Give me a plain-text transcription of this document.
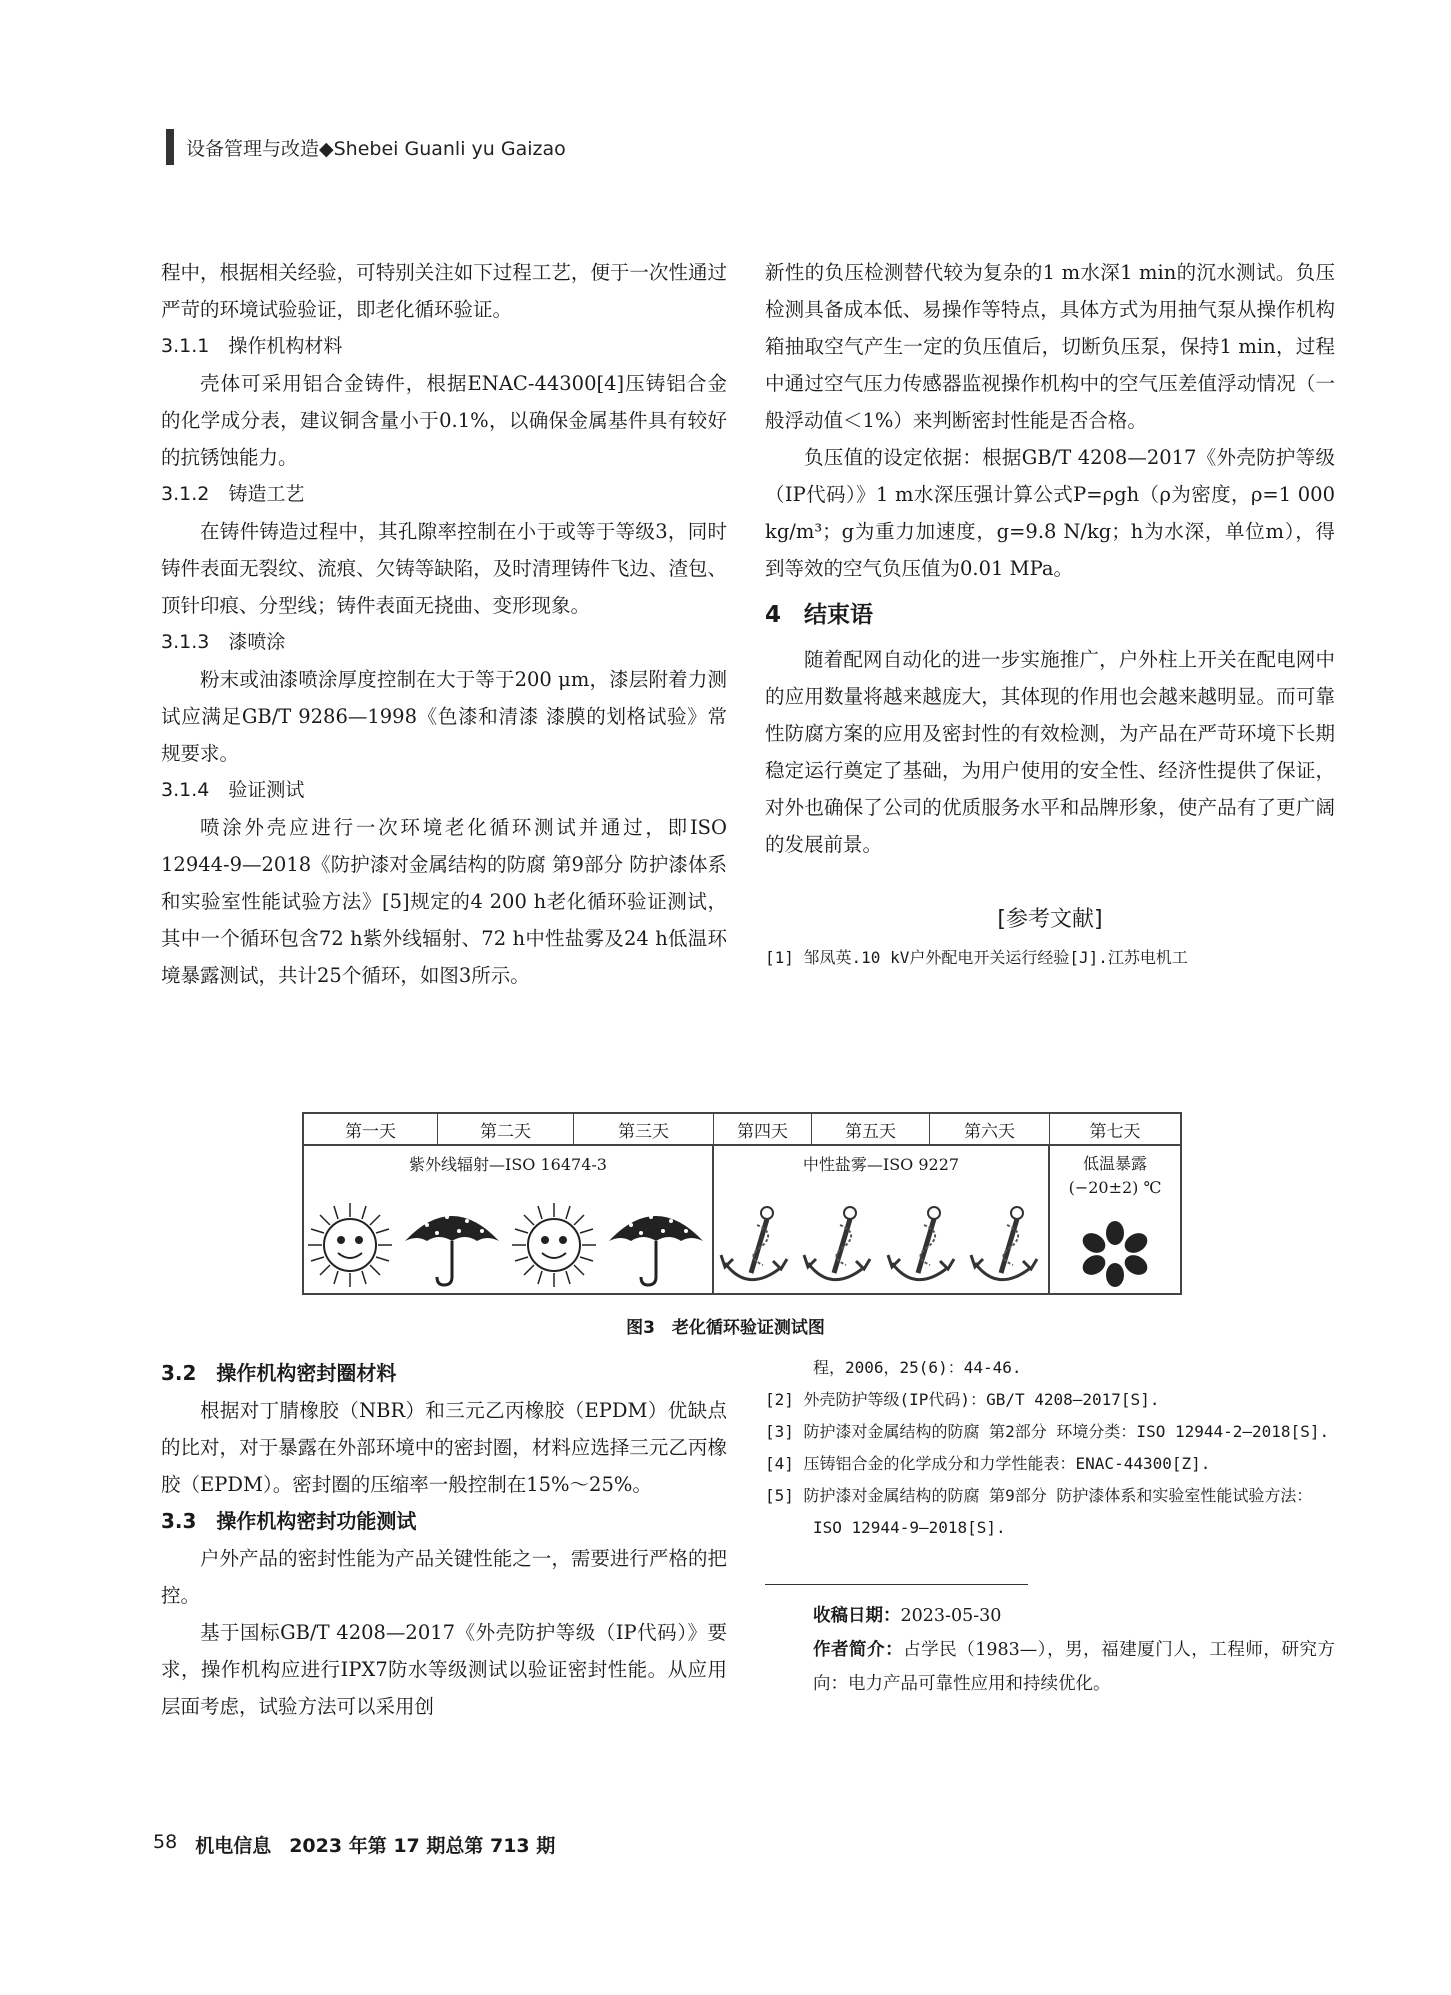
设备管理与改造◆Shebei Guanli yu Gaizao

程中，根据相关经验，可特别关注如下过程工艺，便于一次性通过严苛的环境试验验证，即老化循环验证。

3.1.1　操作机构材料

壳体可采用铝合金铸件，根据ENAC-44300[4]压铸铝合金的化学成分表，建议铜含量小于0.1%，以确保金属基件具有较好的抗锈蚀能力。

3.1.2　铸造工艺

在铸件铸造过程中，其孔隙率控制在小于或等于等级3，同时铸件表面无裂纹、流痕、欠铸等缺陷，及时清理铸件飞边、渣包、顶针印痕、分型线；铸件表面无挠曲、变形现象。

3.1.3　漆喷涂

粉末或油漆喷涂厚度控制在大于等于200 μm，漆层附着力测试应满足GB/T 9286—1998《色漆和清漆 漆膜的划格试验》常规要求。

3.1.4　验证测试

喷涂外壳应进行一次环境老化循环测试并通过，即ISO 12944-9—2018《防护漆对金属结构的防腐 第9部分 防护漆体系和实验室性能试验方法》[5]规定的4 200 h老化循环验证测试，其中一个循环包含72 h紫外线辐射、72 h中性盐雾及24 h低温环境暴露测试，共计25个循环，如图3所示。

新性的负压检测替代较为复杂的1 m水深1 min的沉水测试。负压检测具备成本低、易操作等特点，具体方式为用抽气泵从操作机构箱抽取空气产生一定的负压值后，切断负压泵，保持1 min，过程中通过空气压力传感器监视操作机构中的空气压差值浮动情况（一般浮动值＜1%）来判断密封性能是否合格。

负压值的设定依据：根据GB/T 4208—2017《外壳防护等级（IP代码）》1 m水深压强计算公式P=ρgh（ρ为密度，ρ=1 000 kg/m³；g为重力加速度，g=9.8 N/kg；h为水深，单位m），得到等效的空气负压值为0.01 MPa。

4　结束语

随着配网自动化的进一步实施推广，户外柱上开关在配电网中的应用数量将越来越庞大，其体现的作用也会越来越明显。而可靠性防腐方案的应用及密封性的有效检测，为产品在严苛环境下长期稳定运行奠定了基础，为用户使用的安全性、经济性提供了保证，对外也确保了公司的优质服务水平和品牌形象，使产品有了更广阔的发展前景。

[参考文献]
[1] 邹凤英.10 kV户外配电开关运行经验[J].江苏电机工
第一天	第二天	第三天	第四天	第五天	第六天	第七天
紫外线辐射—ISO 16474-3	中性盐雾—ISO 9227	低温暴露
(−20±2) ℃
图3　老化循环验证测试图
3.2　操作机构密封圈材料

根据对丁腈橡胶（NBR）和三元乙丙橡胶（EPDM）优缺点的比对，对于暴露在外部环境中的密封圈，材料应选择三元乙丙橡胶（EPDM）。密封圈的压缩率一般控制在15%～25%。

3.3　操作机构密封功能测试

户外产品的密封性能为产品关键性能之一，需要进行严格的把控。

基于国标GB/T 4208—2017《外壳防护等级（IP代码）》要求，操作机构应进行IPX7防水等级测试以验证密封性能。从应用层面考虑，试验方法可以采用创

程，2006，25(6)：44-46.
[2] 外壳防护等级(IP代码)：GB/T 4208—2017[S].
[3] 防护漆对金属结构的防腐 第2部分 环境分类：ISO 12944-2—2018[S].
[4] 压铸铝合金的化学成分和力学性能表：ENAC-44300[Z].
[5] 防护漆对金属结构的防腐 第9部分 防护漆体系和实验室性能试验方法：ISO 12944-9—2018[S].

收稿日期：2023-05-30

作者简介：占学民（1983—），男，福建厦门人，工程师，研究方向：电力产品可靠性应用和持续优化。

58 机电信息 2023 年第 17 期总第 713 期
